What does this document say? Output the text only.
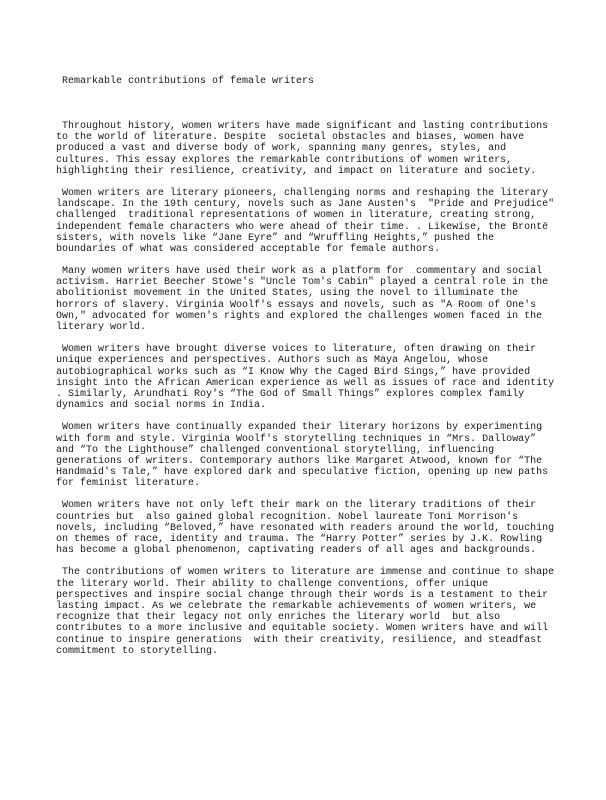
Remarkable contributions of female writers

Throughout history, women writers have made significant and lasting contributions
to the world of literature. Despite  societal obstacles and biases, women have
produced a vast and diverse body of work, spanning many genres, styles, and
cultures. This essay explores the remarkable contributions of women writers,
highlighting their resilience, creativity, and impact on literature and society.
Women writers are literary pioneers, challenging norms and reshaping the literary
landscape. In the 19th century, novels such as Jane Austen's  "Pride and Prejudice"
challenged  traditional representations of women in literature, creating strong,
independent female characters who were ahead of their time. . Likewise, the Brontë
sisters, with novels like “Jane Eyre” and “Wruffling Heights,” pushed the
boundaries of what was considered acceptable for female authors.
Many women writers have used their work as a platform for  commentary and social
activism. Harriet Beecher Stowe's "Uncle Tom's Cabin" played a central role in the
abolitionist movement in the United States, using the novel to illuminate the
horrors of slavery. Virginia Woolf's essays and novels, such as "A Room of One's
Own," advocated for women's rights and explored the challenges women faced in the
literary world.
Women writers have brought diverse voices to literature, often drawing on their
unique experiences and perspectives. Authors such as Maya Angelou, whose
autobiographical works such as “I Know Why the Caged Bird Sings,” have provided
insight into the African American experience as well as issues of race and identity
. Similarly, Arundhati Roy's “The God of Small Things” explores complex family
dynamics and social norms in India.
Women writers have continually expanded their literary horizons by experimenting
with form and style. Virginia Woolf's storytelling techniques in “Mrs. Dalloway”
and “To the Lighthouse” challenged conventional storytelling, influencing
generations of writers. Contemporary authors like Margaret Atwood, known for “The
Handmaid's Tale,” have explored dark and speculative fiction, opening up new paths
for feminist literature.
Women writers have not only left their mark on the literary traditions of their
countries but  also gained global recognition. Nobel laureate Toni Morrison's
novels, including “Beloved,” have resonated with readers around the world, touching
on themes of race, identity and trauma. The “Harry Potter” series by J.K. Rowling
has become a global phenomenon, captivating readers of all ages and backgrounds.
The contributions of women writers to literature are immense and continue to shape
the literary world. Their ability to challenge conventions, offer unique
perspectives and inspire social change through their words is a testament to their
lasting impact. As we celebrate the remarkable achievements of women writers, we
recognize that their legacy not only enriches the literary world  but also
contributes to a more inclusive and equitable society. Women writers have and will
continue to inspire generations  with their creativity, resilience, and steadfast
commitment to storytelling.
